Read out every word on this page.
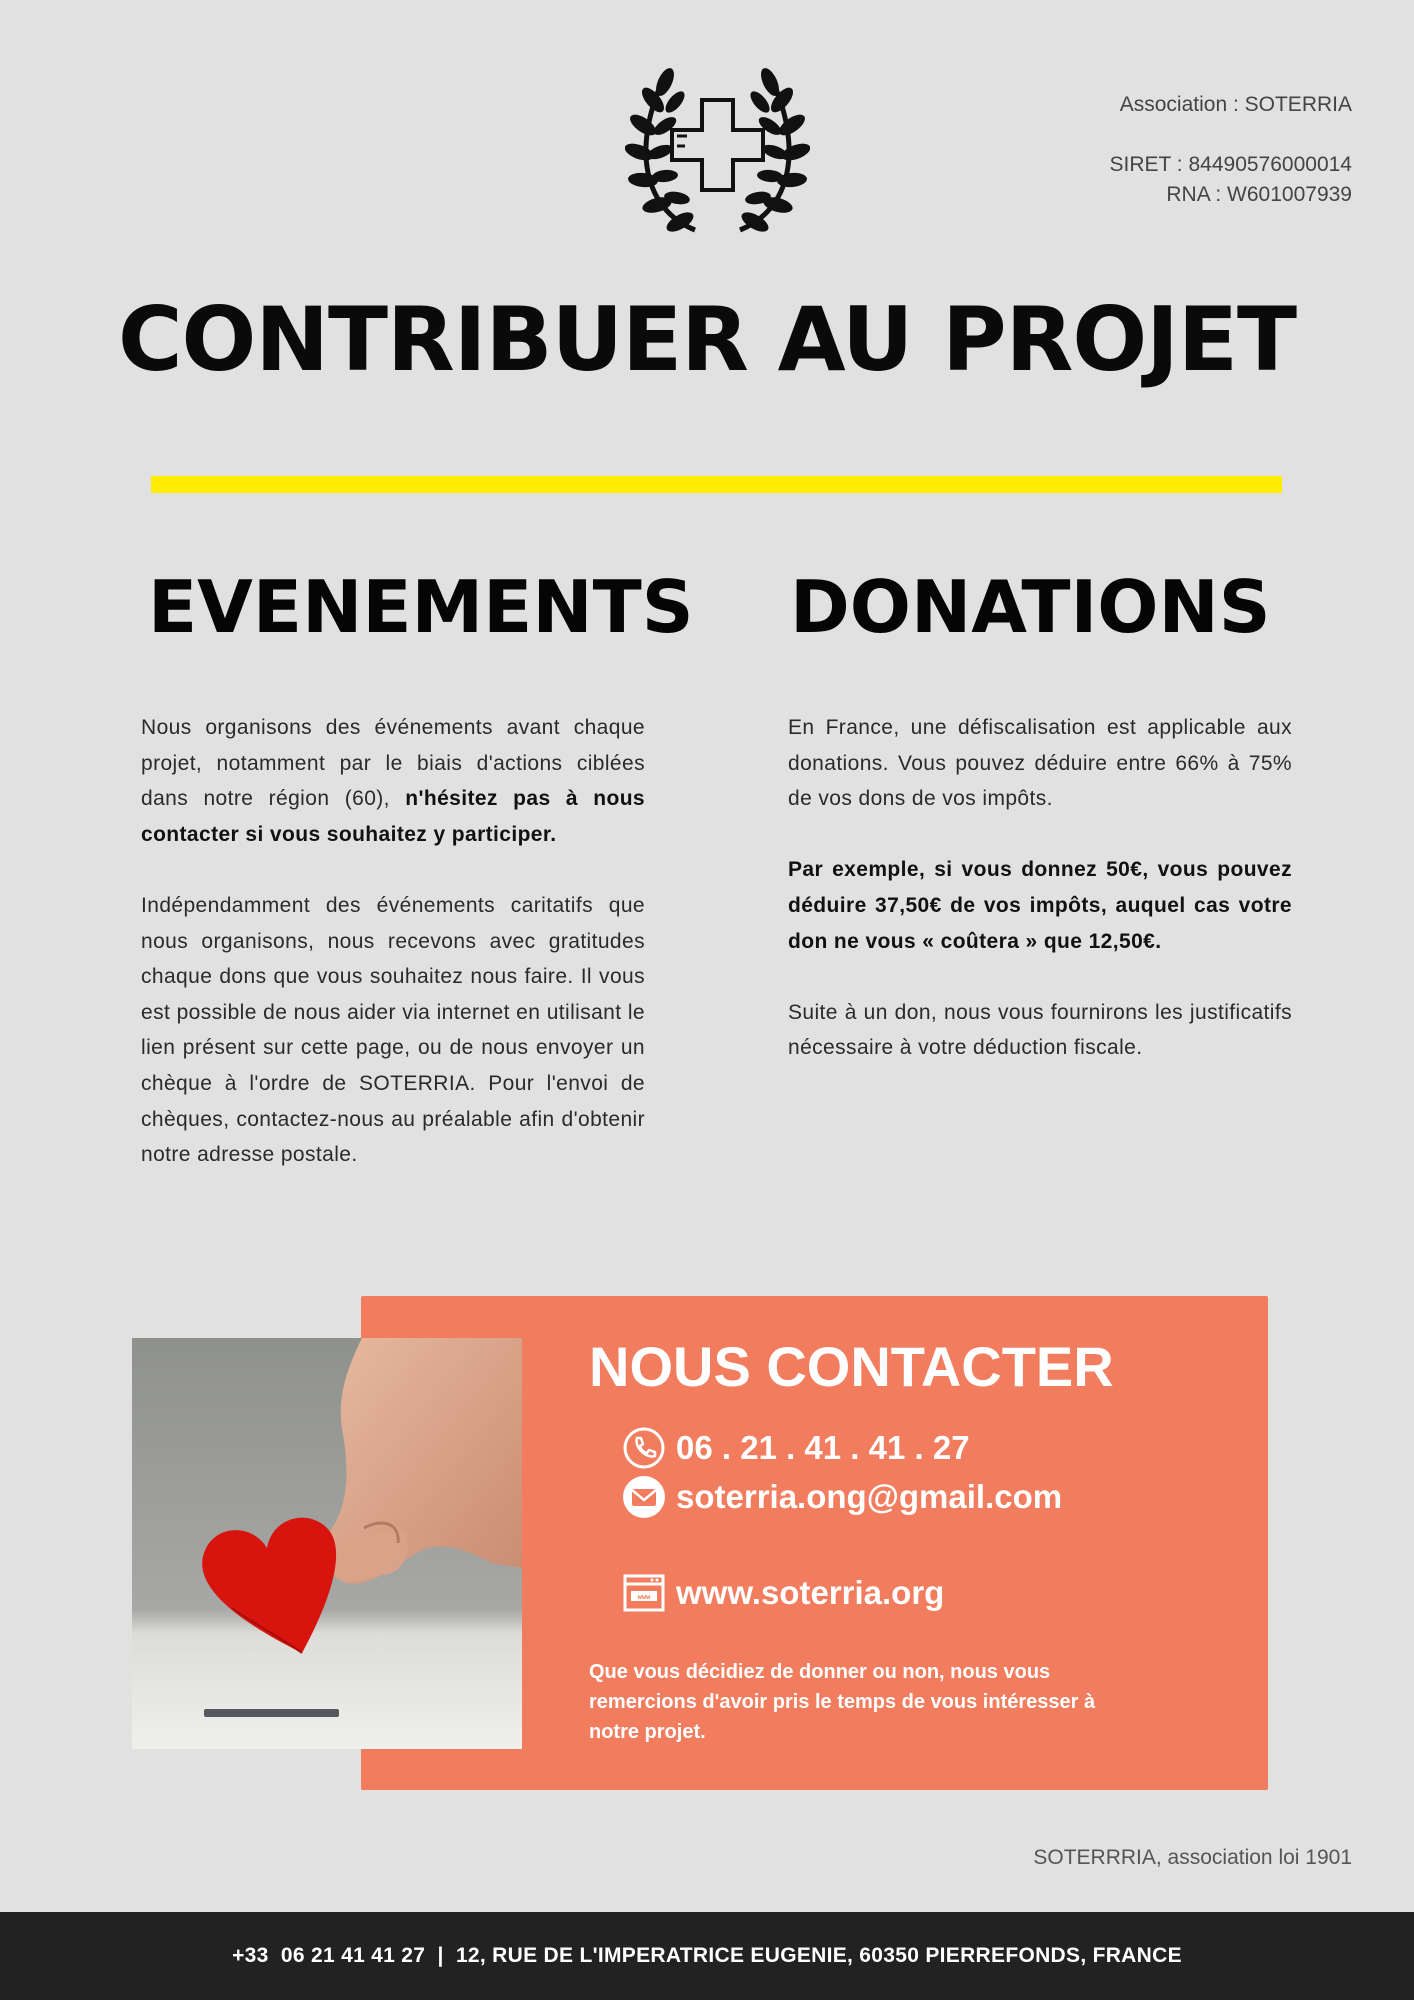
Association : SOTERRIA
SIRET : 84490576000014
RNA : W601007939
CONTRIBUER AU PROJET
EVENEMENTS DONATIONS

Nous organisons des événements avant chaque projet, notamment par le biais d'actions ciblées dans notre région (60), n'hésitez pas à nous contacter si vous souhaitez y participer.

Indépendamment des événements caritatifs que nous organisons, nous recevons avec gratitudes chaque dons que vous souhaitez nous faire. Il vous est possible de nous aider via internet en utilisant le lien présent sur cette page, ou de nous envoyer un chèque à l'ordre de SOTERRIA. Pour l'envoi de chèques, contactez-nous au préalable afin d'obtenir notre adresse postale.

En France, une défiscalisation est applicable aux donations. Vous pouvez déduire entre 66% à 75% de vos dons de vos impôts.

Par exemple, si vous donnez 50€, vous pouvez déduire 37,50€ de vos impôts, auquel cas votre don ne vous « coûtera » que 12,50€.

Suite à un don, nous vous fournirons les justificatifs nécessaire à votre déduction fiscale.

NOUS CONTACTER
06 . 21 . 41 . 41 . 27
soterria.ong@gmail.com
www www.soterria.org
Que vous décidiez de donner ou non, nous vous remercions d'avoir pris le temps de vous intéresser à notre projet.
SOTERRRIA, association loi 1901
+33  06 21 41 41 27  |  12, RUE DE L'IMPERATRICE EUGENIE, 60350 PIERREFONDS, FRANCE
